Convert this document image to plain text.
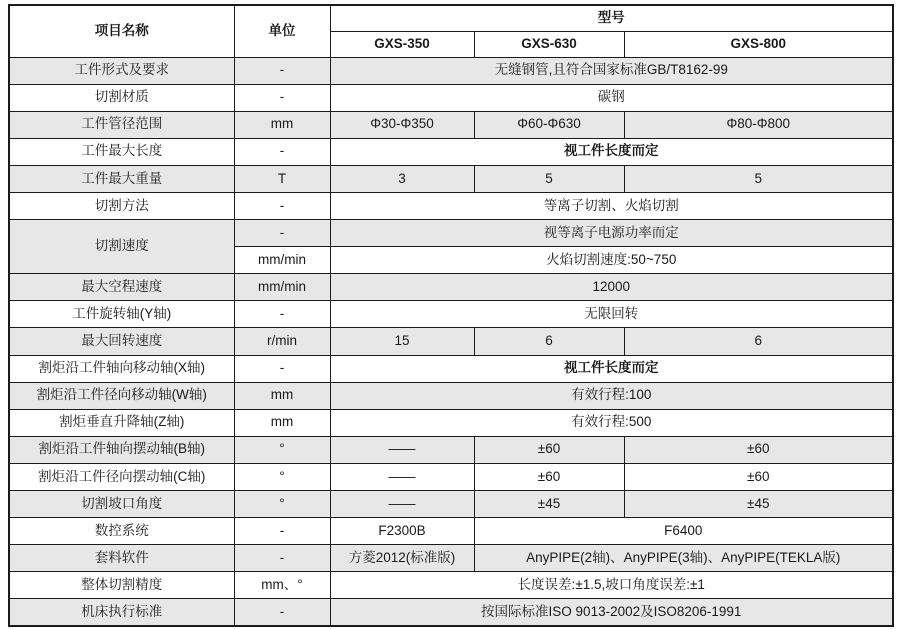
项目名称	单位	型号		
		GXS-350	GXS-630	GXS-800
工件形式及要求	-	无缝钢管,且符合国家标准GB/T8162-99		
切割材质	-	碳钢		
工件管径范围	mm	Φ30-Φ350	Φ60-Φ630	Φ80-Φ800
工件最大长度	-	视工件长度而定		
工件最大重量	T	3	5	5
切割方法	-	等离子切割、火焰切割		
切割速度	-	视等离子电源功率而定		
	mm/min	火焰切割速度:50~750		
最大空程速度	mm/min	12000		
工件旋转轴(Y轴)	-	无限回转		
最大回转速度	r/min	15	6	6
割炬沿工件轴向移动轴(X轴)	-	视工件长度而定		
割炬沿工件径向移动轴(W轴)	mm	有效行程:100		
割炬垂直升降轴(Z轴)	mm	有效行程:500		
割炬沿工件轴向摆动轴(B轴)	°	——	±60	±60
割炬沿工件径向摆动轴(C轴)	°	——	±60	±60
切割坡口角度	°	——	±45	±45
数控系统	-	F2300B	F6400	
套料软件	-	方菱2012(标准版)	AnyPIPE(2轴)、AnyPIPE(3轴)、AnyPIPE(TEKLA版)	
整体切割精度	mm、°	长度误差:±1.5,坡口角度误差:±1		
机床执行标准	-	按国际标准ISO 9013-2002及ISO8206-1991		
